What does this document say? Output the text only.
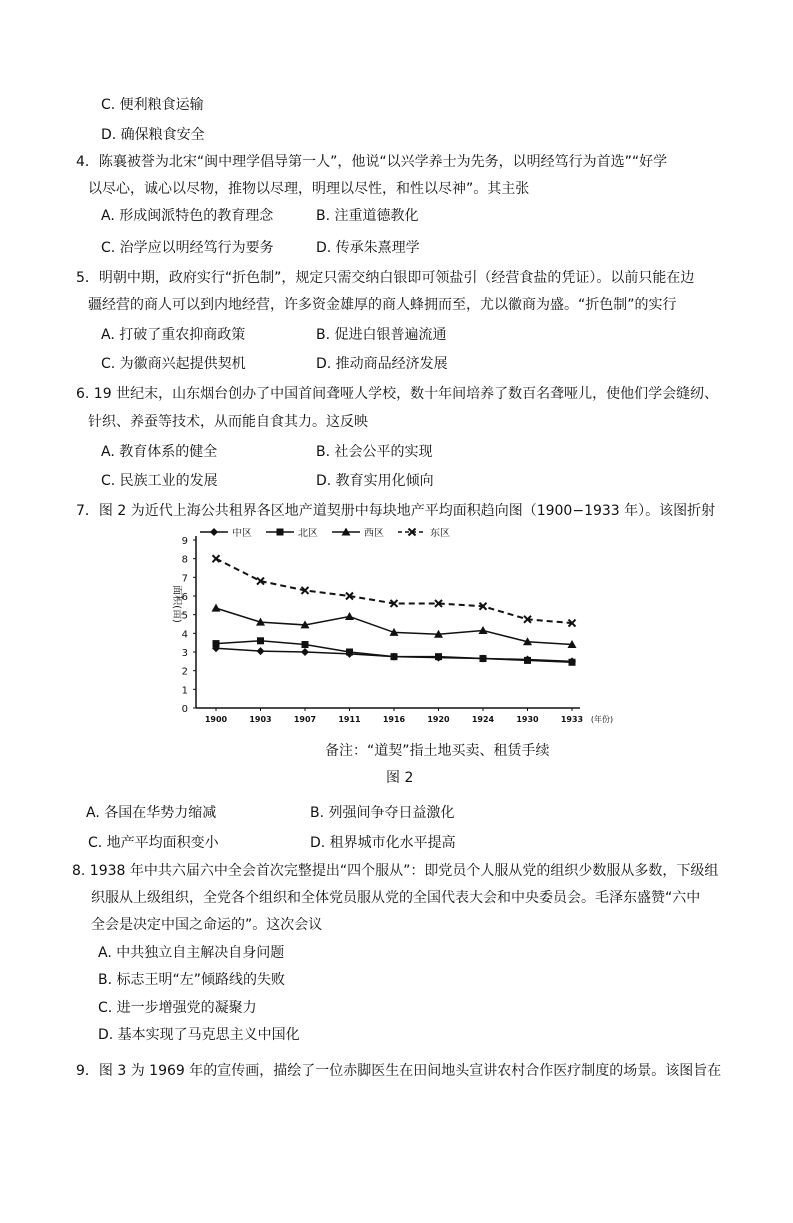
C. 便利粮食运输
D. 确保粮食安全
4．陈襄被誉为北宋“闽中理学倡导第一人”，他说“以兴学养士为先务，以明经笃行为首选”“好学
以尽心，诚心以尽物，推物以尽理，明理以尽性，和性以尽神”。其主张
A. 形成闽派特色的教育理念	B. 注重道德教化
C. 治学应以明经笃行为要务	D. 传承朱熹理学
5．明朝中期，政府实行“折色制”，规定只需交纳白银即可领盐引（经营食盐的凭证）。以前只能在边
疆经营的商人可以到内地经营，许多资金雄厚的商人蜂拥而至，尤以徽商为盛。“折色制”的实行
A. 打破了重农抑商政策	B. 促进白银普遍流通
C. 为徽商兴起提供契机	D. 推动商品经济发展
6. 19 世纪末，山东烟台创办了中国首间聋哑人学校，数十年间培养了数百名聋哑儿，使他们学会缝纫、
针织、养蚕等技术，从而能自食其力。这反映
A. 教育体系的健全	B. 社会公平的实现
C. 民族工业的发展	D. 教育实用化倾向
7．图 2 为近代上海公共租界各区地产道契册中每块地产平均面积趋向图（1900−1933 年）。该图折射
中区	北区	西区	东区
0
1
2
3
4
5
6
7
8
9
1900	1903	1907	1911	1916	1920	1924	1930	1933 (年份)
面积(亩)
备注：“道契”指土地买卖、租赁手续
图 2
A. 各国在华势力缩减	B. 列强间争夺日益激化
C. 地产平均面积变小	D. 租界城市化水平提高
8. 1938 年中共六届六中全会首次完整提出“四个服从”：即党员个人服从党的组织少数服从多数，下级组
织服从上级组织，全党各个组织和全体党员服从党的全国代表大会和中央委员会。毛泽东盛赞“六中
全会是决定中国之命运的”。这次会议
A. 中共独立自主解决自身问题
B. 标志王明“左”倾路线的失败
C. 进一步增强党的凝聚力
D. 基本实现了马克思主义中国化
9．图 3 为 1969 年的宣传画，描绘了一位赤脚医生在田间地头宣讲农村合作医疗制度的场景。该图旨在
